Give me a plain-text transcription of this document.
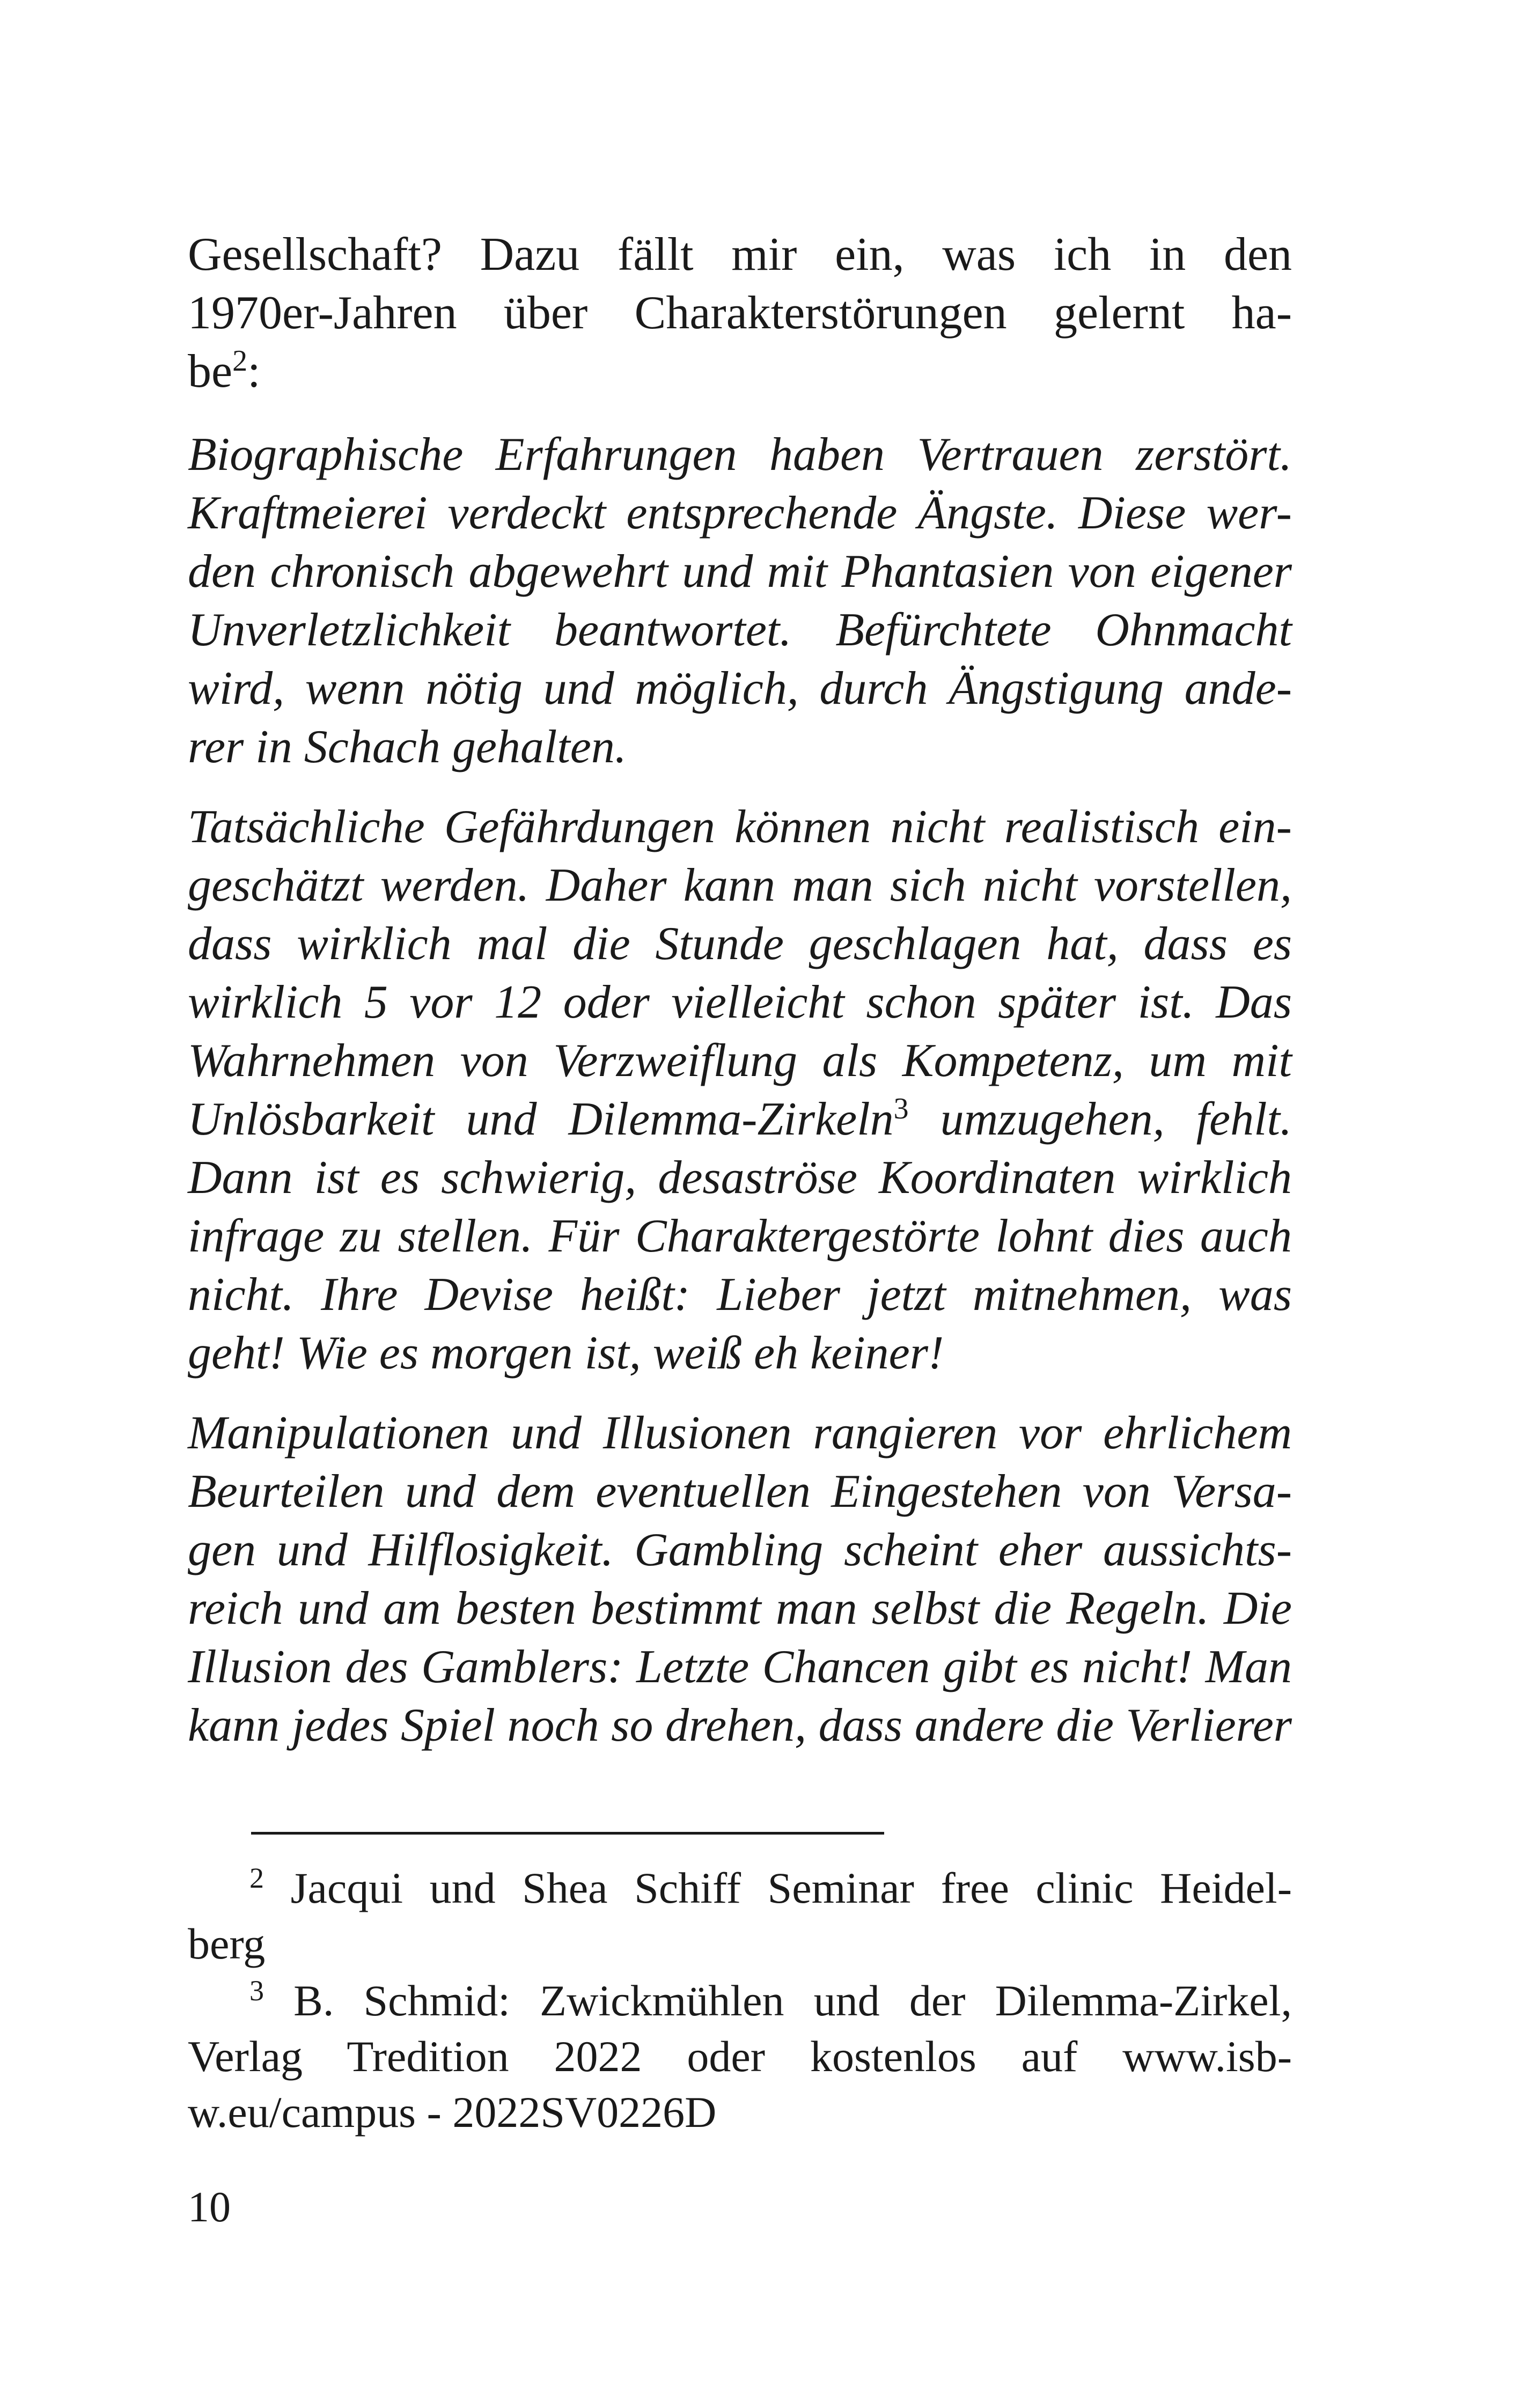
Gesellschaft? Dazu fällt mir ein, was ich in den
1970er-Jahren über Charakterstörungen gelernt ha-
$be^2$:
Biographische Erfahrungen haben Vertrauen zerstört.
Kraftmeierei verdeckt entsprechende Ängste. Diese wer-
den chronisch abgewehrt und mit Phantasien von eigener
Unverletzlichkeit beantwortet. Befürchtete Ohnmacht
wird, wenn nötig und möglich, durch Ängstigung ande-
rer in Schach gehalten.
Tatsächliche Gefährdungen können nicht realistisch ein-
geschätzt werden. Daher kann man sich nicht vorstellen,
dass wirklich mal die Stunde geschlagen hat, dass es
wirklich 5 vor 12 oder vielleicht schon später ist. Das
Wahrnehmen von Verzweiflung als Kompetenz, um mit
Unlösbarkeit und Dilemma-Zirkeln$^3$ umzugehen, fehlt.
Dann ist es schwierig, desaströse Koordinaten wirklich
infrage zu stellen. Für Charaktergestörte lohnt dies auch
nicht. Ihre Devise heißt: Lieber jetzt mitnehmen, was
geht! Wie es morgen ist, weiß eh keiner!
Manipulationen und Illusionen rangieren vor ehrlichem
Beurteilen und dem eventuellen Eingestehen von Versa-
gen und Hilflosigkeit. Gambling scheint eher aussichts-
reich und am besten bestimmt man selbst die Regeln. Die
Illusion des Gamblers: Letzte Chancen gibt es nicht! Man
kann jedes Spiel noch so drehen, dass andere die Verlierer
$^2$ Jacqui und Shea Schiff Seminar free clinic Heidel-
berg
$^3$ B. Schmid: Zwickmühlen und der Dilemma-Zirkel,
Verlag Tredition 2022 oder kostenlos auf www.isb-
w.eu/campus - 2022SV0226D
10
